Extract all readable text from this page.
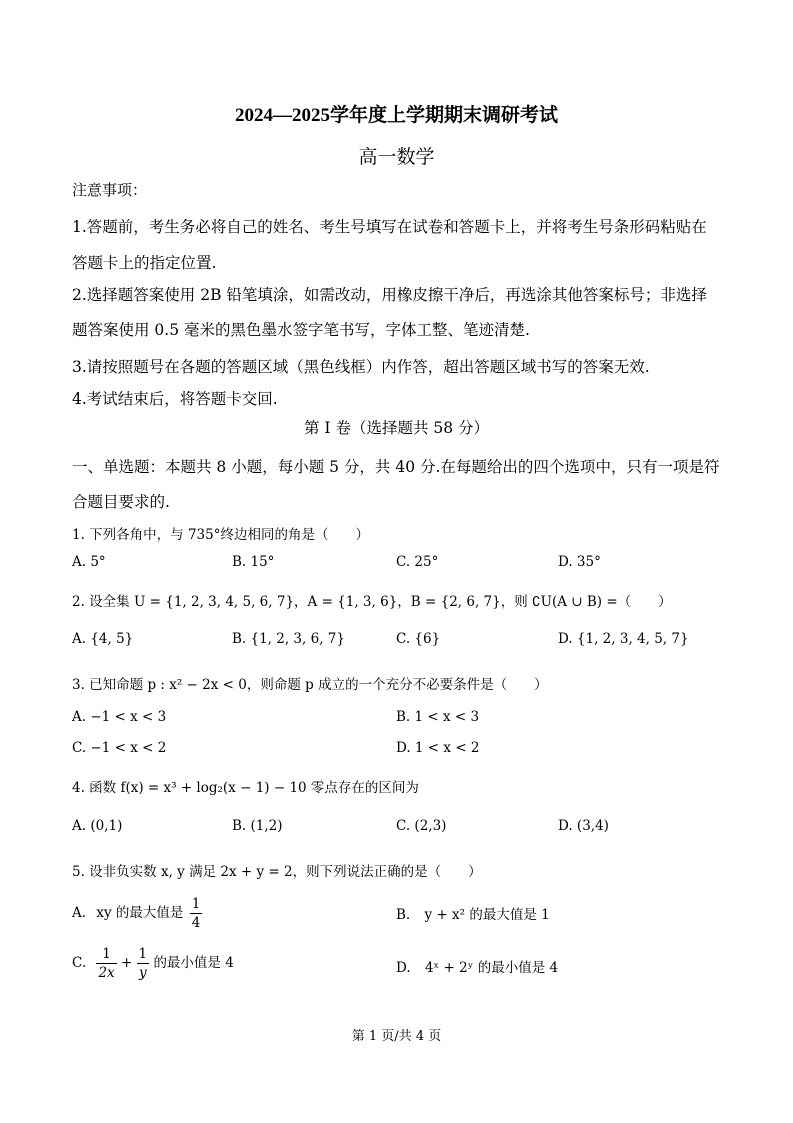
2024—2025学年度上学期期末调研考试
高一数学
注意事项：
1.答题前，考生务必将自己的姓名、考生号填写在试卷和答题卡上，并将考生号条形码粘贴在
答题卡上的指定位置.
2.选择题答案使用 2B 铅笔填涂，如需改动，用橡皮擦干净后，再选涂其他答案标号；非选择
题答案使用 0.5 毫米的黑色墨水签字笔书写，字体工整、笔迹清楚.
3.请按照题号在各题的答题区域（黑色线框）内作答，超出答题区域书写的答案无效.
4.考试结束后，将答题卡交回.
第 I 卷（选择题共 58 分）
一、单选题：本题共 8 小题，每小题 5 分，共 40 分.在每题给出的四个选项中，只有一项是符
合题目要求的.
1. 下列各角中，与 735°终边相同的角是（　　）
A. 5°	B. 15°	C. 25°	D. 35°
2. 设全集 U = {1, 2, 3, 4, 5, 6, 7}，A = {1, 3, 6}，B = {2, 6, 7}，则 ∁U(A ∪ B) =（　　）
A. {4, 5}	B. {1, 2, 3, 6, 7}	C. {6}	D. {1, 2, 3, 4, 5, 7}
3. 已知命题 p : x² − 2x < 0，则命题 p 成立的一个充分不必要条件是（　　）
A. −1 < x < 3	B. 1 < x < 3
C. −1 < x < 2	D. 1 < x < 2
4. 函数 f(x) = x³ + log₂(x − 1) − 10 零点存在的区间为
A. (0,1)	B. (1,2)	C. (2,3)	D. (3,4)
5. 设非负实数 x, y 满足 2x + y = 2，则下列说法正确的是（　　）
A. xy 的最大值是 $\frac{1}{4}$	B. y + x² 的最大值是 1
C. $\frac{1}{2x} + \frac{1}{y}$ 的最小值是 4	D. 4ˣ + 2ʸ 的最小值是 4
第 1 页/共 4 页
